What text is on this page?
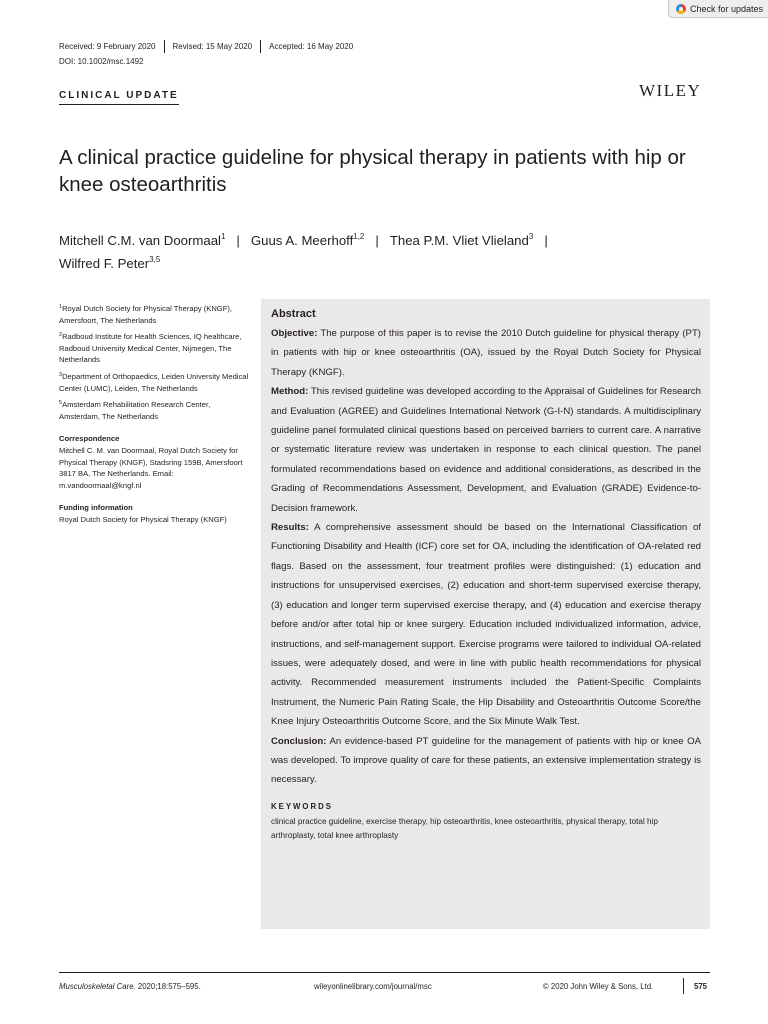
Check for updates
Received: 9 February 2020 Revised: 15 May 2020 Accepted: 16 May 2020
DOI: 10.1002/msc.1492
CLINICAL UPDATE	WILEY
A clinical practice guideline for physical therapy in patients with hip or knee osteoarthritis
Mitchell C.M. van Doormaal$^1$ | Guus A. Meerhoff$^{1,2}$ | Thea P.M. Vliet Vlieland$^3$ |
Wilfred F. Peter$^{3,5}$
$^1$Royal Dutch Society for Physical Therapy (KNGF), Amersfoort, The Netherlands
$^2$Radboud Institute for Health Sciences, IQ healthcare, Radboud University Medical Center, Nijmegen, The Netherlands
$^3$Department of Orthopaedics, Leiden University Medical Center (LUMC), Leiden, The Netherlands
$^5$Amsterdam Rehabilitation Research Center, Amsterdam, The Netherlands
Correspondence
Mitchell C. M. van Doormaal, Royal Dutch Society for Physical Therapy (KNGF), Stadsring 159B, Amersfoort 3817 BA, The Netherlands. Email: m.vandoormaal@kngf.nl
Funding information
Royal Dutch Society for Physical Therapy (KNGF)
Abstract

Objective: The purpose of this paper is to revise the 2010 Dutch guideline for physical therapy (PT) in patients with hip or knee osteoarthritis (OA), issued by the Royal Dutch Society for Physical Therapy (KNGF).

Method: This revised guideline was developed according to the Appraisal of Guidelines for Research and Evaluation (AGREE) and Guidelines International Network (G-I-N) standards. A multidisciplinary guideline panel formulated clinical questions based on perceived barriers to current care. A narrative or systematic literature review was undertaken in response to each clinical question. The panel formulated recommendations based on evidence and additional considerations, as described in the Grading of Recommendations Assessment, Development, and Evaluation (GRADE) Evidence-to-Decision framework.

Results: A comprehensive assessment should be based on the International Classification of Functioning Disability and Health (ICF) core set for OA, including the identification of OA-related red flags. Based on the assessment, four treatment profiles were distinguished: (1) education and instructions for unsupervised exercises, (2) education and short-term supervised exercise therapy, (3) education and longer term supervised exercise therapy, and (4) education and exercise therapy before and/or after total hip or knee surgery. Education included individualized information, advice, instructions, and self-management support. Exercise programs were tailored to individual OA-related issues, were adequately dosed, and were in line with public health recommendations for physical activity. Recommended measurement instruments included the Patient-Specific Complaints Instrument, the Numeric Pain Rating Scale, the Hip Disability and Osteoarthritis Outcome Score/the Knee Injury Osteoarthritis Outcome Score, and the Six Minute Walk Test.

Conclusion: An evidence-based PT guideline for the management of patients with hip or knee OA was developed. To improve quality of care for these patients, an extensive implementation strategy is necessary.

KEYWORDS
clinical practice guideline, exercise therapy, hip osteoarthritis, knee osteoarthritis, physical therapy, total hip arthroplasty, total knee arthroplasty
Musculoskeletal Care. 2020;18:575–595.	wileyonlinelibrary.com/journal/msc	© 2020 John Wiley & Sons, Ltd.	575
